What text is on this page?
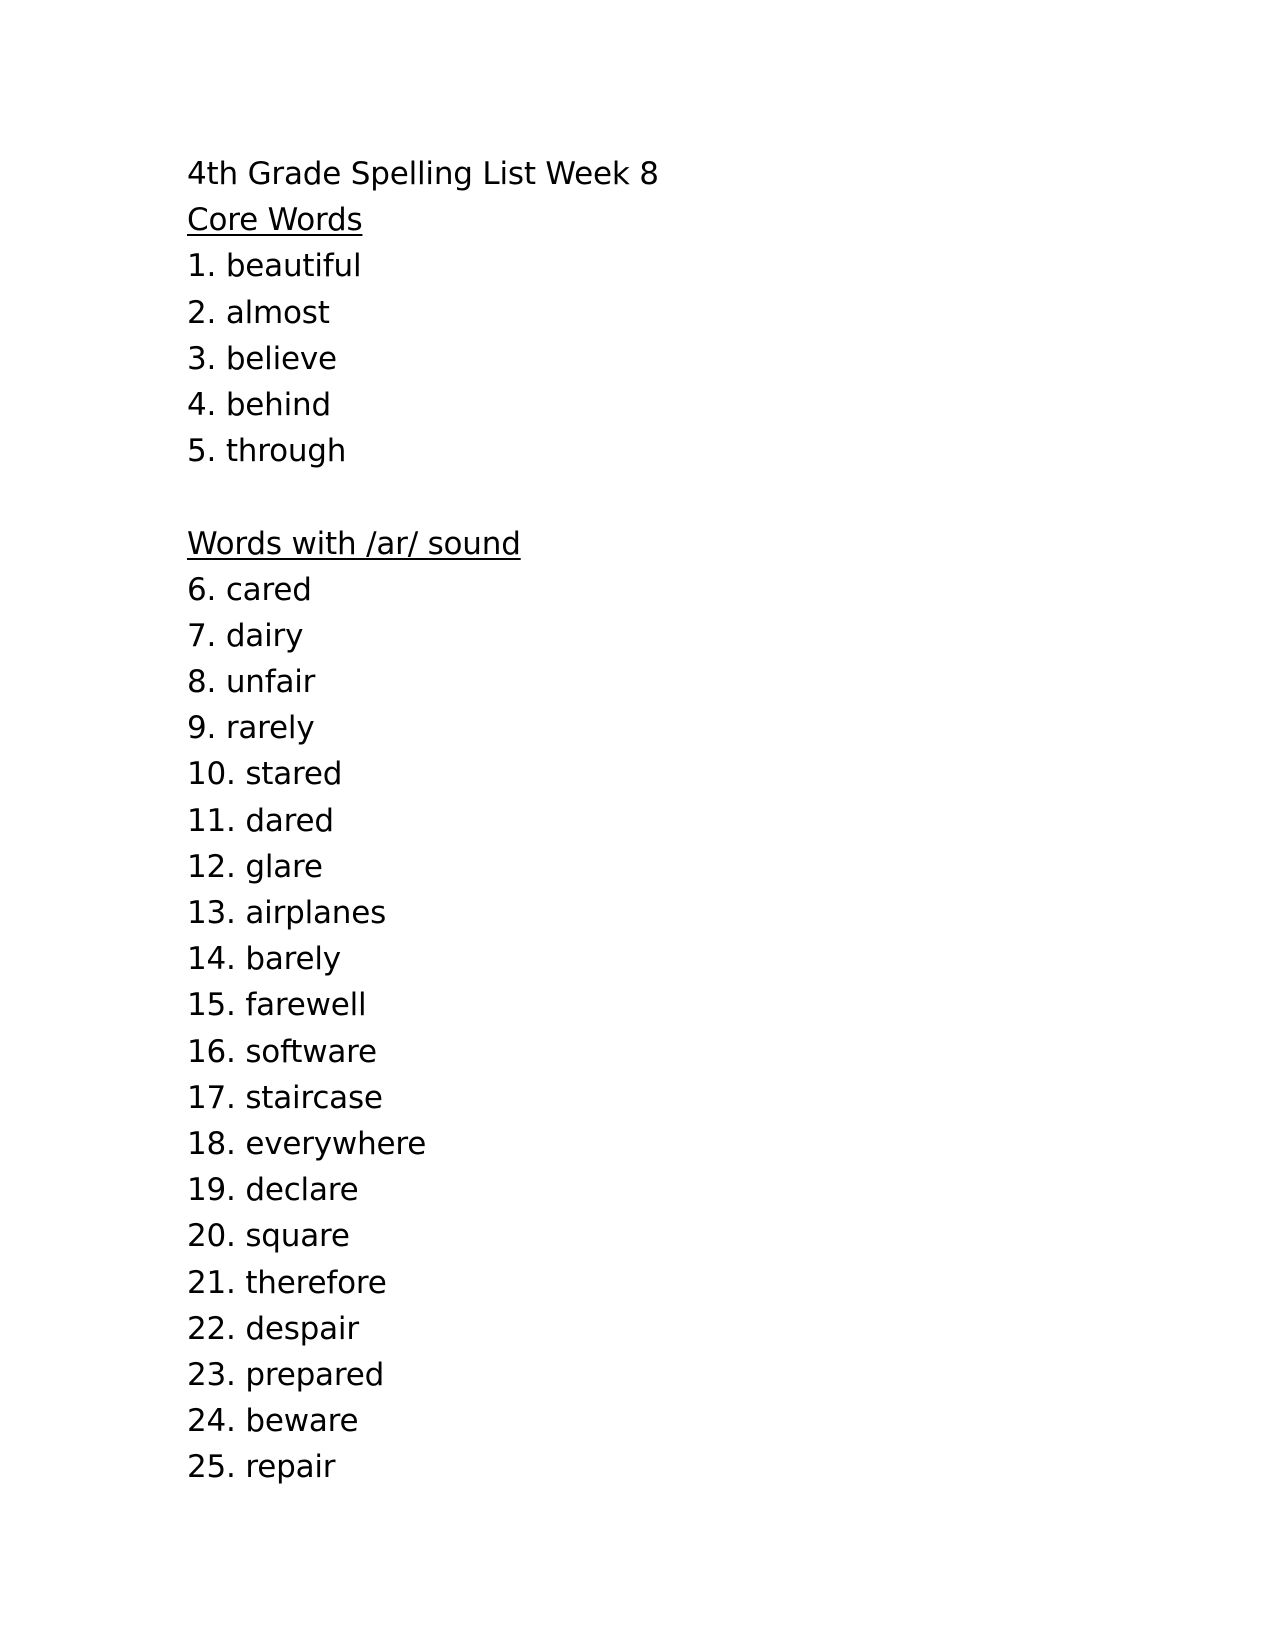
4th Grade Spelling List Week 8
Core Words
1. beautiful
2. almost
3. believe
4. behind
5. through
Words with /ar/ sound
6. cared
7. dairy
8. unfair
9. rarely
10. stared
11. dared
12. glare
13. airplanes
14. barely
15. farewell
16. software
17. staircase
18. everywhere
19. declare
20. square
21. therefore
22. despair
23. prepared
24. beware
25. repair
